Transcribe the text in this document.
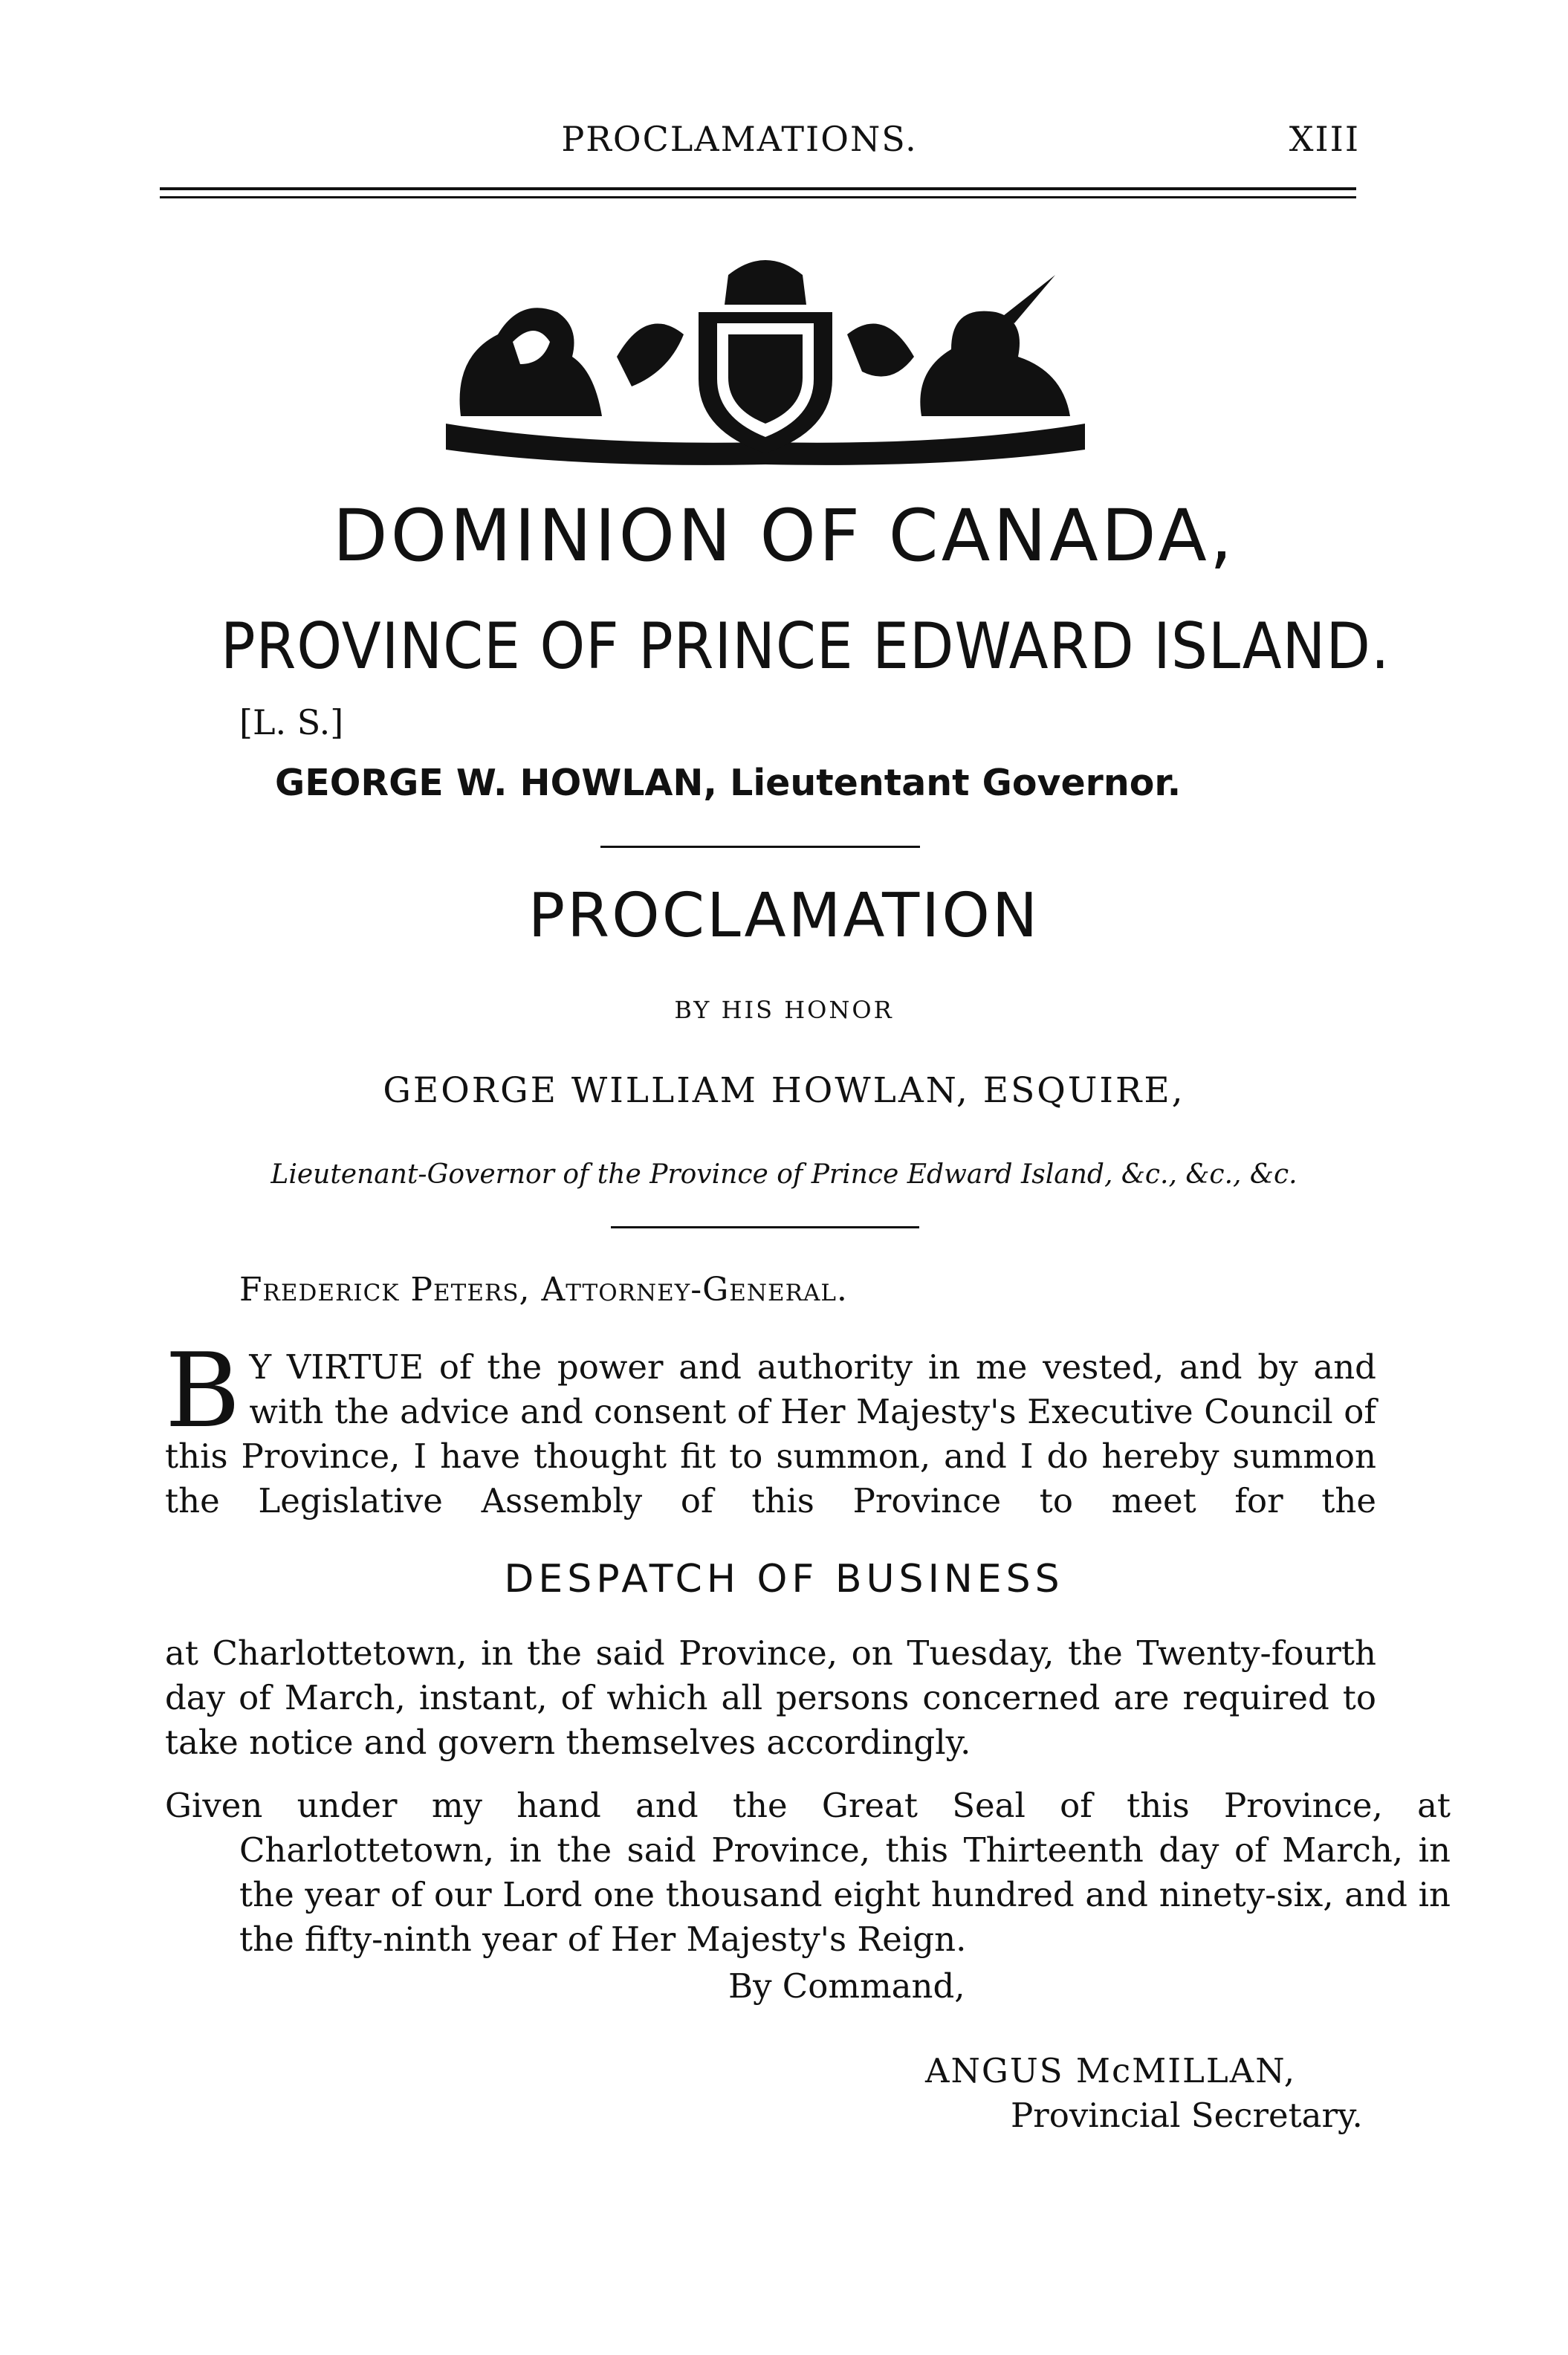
PROCLAMATIONS.	XIII
DOMINION OF CANADA,
PROVINCE OF PRINCE EDWARD ISLAND.
[L. S.]
GEORGE W. HOWLAN, Lieutentant Governor.
PROCLAMATION
BY HIS HONOR
GEORGE WILLIAM HOWLAN, ESQUIRE,
Lieutenant-Governor of the Province of Prince Edward Island, &c., &c., &c.
Frederick Peters, Attorney-General.
B Y VIRTUE of the power and authority in me vested, and by and with the advice and consent of Her Majesty's Executive Council of this Province, I have thought fit to summon, and I do hereby summon the Legislative Assembly of this Province to meet for the
DESPATCH OF BUSINESS
at Charlottetown, in the said Province, on Tuesday, the Twenty-fourth day of March, instant, of which all persons concerned are required to take notice and govern themselves accordingly.
Given under my hand and the Great Seal of this Province, at Charlottetown, in the said Province, this Thirteenth day of March, in the year of our Lord one thousand eight hundred and ninety-six, and in the fifty-ninth year of Her Majesty's Reign.
By Command,
ANGUS McMILLAN,
Provincial Secretary.
